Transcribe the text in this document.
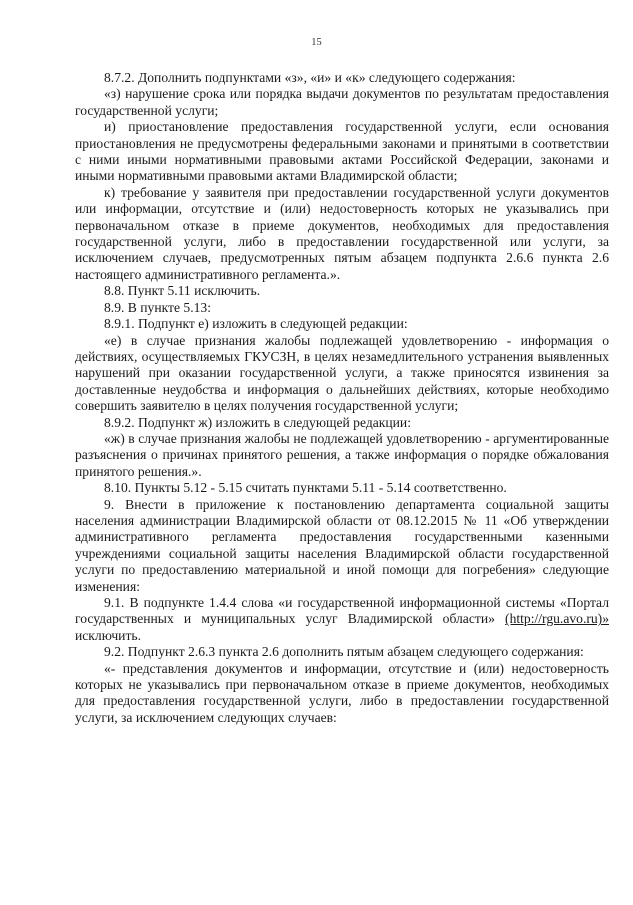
15

8.7.2. Дополнить подпунктами «з», «и» и «к» следующего содержания:

«з) нарушение срока или порядка выдачи документов по результатам предоставления государственной услуги;

и) приостановление предоставления государственной услуги, если основания приостановления не предусмотрены федеральными законами и принятыми в соответствии с ними иными нормативными правовыми актами Российской Федерации, законами и иными нормативными правовыми актами Владимирской области;

к) требование у заявителя при предоставлении государственной услуги документов или информации, отсутствие и (или) недостоверность которых не указывались при первоначальном отказе в приеме документов, необходимых для предоставления государственной услуги, либо в предоставлении государственной или услуги, за исключением случаев, предусмотренных пятым абзацем подпункта 2.6.6 пункта 2.6 настоящего административного регламента.».

8.8. Пункт 5.11 исключить.

8.9. В пункте 5.13:

8.9.1. Подпункт е) изложить в следующей редакции:

«е) в случае признания жалобы подлежащей удовлетворению - информация о действиях, осуществляемых ГКУСЗН, в целях незамедлительного устранения выявленных нарушений при оказании государственной услуги, а также приносятся извинения за доставленные неудобства и информация о дальнейших действиях, которые необходимо совершить заявителю в целях получения государственной услуги;

8.9.2. Подпункт ж) изложить в следующей редакции:

«ж) в случае признания жалобы не подлежащей удовлетворению - аргументированные разъяснения о причинах принятого решения, а также информация о порядке обжалования принятого решения.».

8.10. Пункты 5.12 - 5.15 считать пунктами 5.11 - 5.14 соответственно.

9. Внести в приложение к постановлению департамента социальной защиты населения администрации Владимирской области от 08.12.2015 № 11 «Об утверждении административного регламента предоставления государственными казенными учреждениями социальной защиты населения Владимирской области государственной услуги по предоставлению материальной и иной помощи для погребения» следующие изменения:

9.1. В подпункте 1.4.4 слова «и государственной информационной системы «Портал государственных и муниципальных услуг Владимирской области» (http://rgu.avo.ru)» исключить.

9.2. Подпункт 2.6.3 пункта 2.6 дополнить пятым абзацем следующего содержания:

«- представления документов и информации, отсутствие и (или) недостоверность которых не указывались при первоначальном отказе в приеме документов, необходимых для предоставления государственной услуги, либо в предоставлении государственной услуги, за исключением следующих случаев:
